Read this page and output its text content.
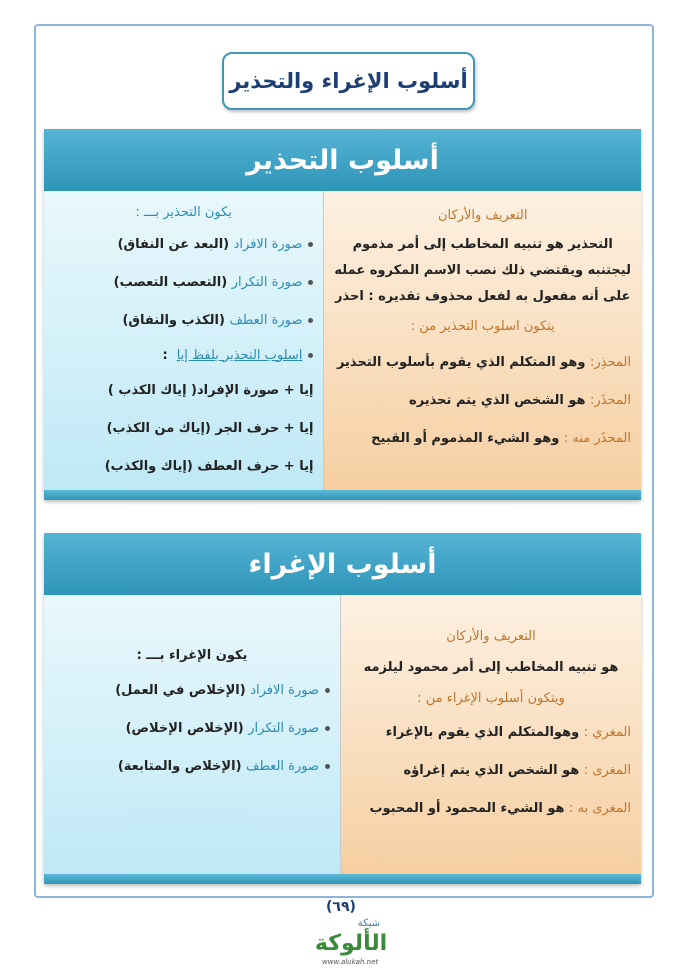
أسلوب الإغراء والتحذير
أسلوب التحذير
يكون التحذير بـــ :
صورة الافراد

(البعد عن النفاق)
صورة التكرار

(التعصب التعصب)
صورة العطف

(الكذب والنفاق)
اسلوب التحذير بلفظ إيا
:
إيا + صورة الإفراد( إياك الكذب )
إيا + حرف الجر (إياك من الكذب)
إيا + حرف العطف (إياك والكذب)
التعريف والأركان
التحذير هو تنبيه المخاطب إلى أمر مذموم
ليجتنبه ويقتضي ذلك نصب الاسم المكروه عمله
على أنه مفعول به لفعل محذوف تقديره : احذر
يتكون اسلوب التحذير من :
المحذِر:

وهو المتكلم الذي يقوم بأسلوب التحذير
المحذَر:

هو الشخص الذي يتم تحذيره
المحذَر منه :

وهو الشيء المذموم أو القبيح
أسلوب الإغراء
يكون الإغراء بـــ :
صورة الافراد

(الإخلاص في العمل)
صورة التكرار

(الإخلاص الإخلاص)
صورة العطف

(الإخلاص والمتابعة)
التعريف والأركان
هو تنبيه المخاطب إلى أمر محمود ليلزمه
ويتكون أسلوب الإغراء من :
المغري :

وهوالمتكلم الذي يقوم بالإغراء
المغرى :

هو الشخص الذي يتم إغراؤه
المغرى به :

هو الشيء المحمود أو المحبوب
(٦٩)
شبكة
الألوكة
www.alukah.net
